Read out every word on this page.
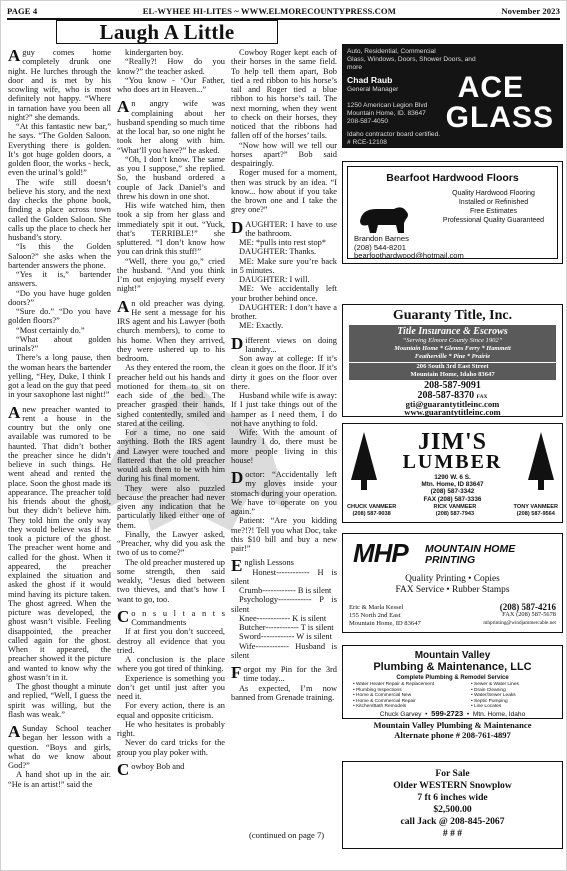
PAGE 4	EL-WYHEE HI-LITES ~ WWW.ELMORECOUNTYPRESS.COM	November 2023
Laugh A Little

A guy comes home completely drunk one night. He lurches through the door and is met by his scowling wife, who is most definitely not happy. “Where in tarnation have you been all night?” she demands.

“At this fantastic new bar,” he says. “The Golden Saloon. Everything there is golden. It’s got huge golden doors, a golden floor, the works - heck, even the urinal’s gold!”

The wife still doesn’t believe his story, and the next day checks the phone book, finding a place across town called the Golden Saloon. She calls up the place to check her husband’s story.

“Is this the Golden Saloon?” she asks when the bartender answers the phone.

“Yes it is,” bartender answers.

“Do you have huge golden doors?”

“Sure do.” “Do you have golden floors?”

“Most certainly do.”

“What about golden urinals?”

There’s a long pause, then the woman hears the bartender yelling, “Hey, Duke, I think I got a lead on the guy that peed in your saxophone last night!”

A new preacher wanted to rent a house in the country but the only one available was rumored to be haunted. That didn’t bother the preacher since he didn’t believe in such things. He went ahead and rented the place. Soon the ghost made its appearance. The preacher told his friends about the ghost, but they didn’t believe him. They told him the only way they would believe was if he took a picture of the ghost. The preacher went home and called for the ghost. When it appeared, the preacher explained the situation and asked the ghost if it would mind having its picture taken. The ghost agreed. When the picture was developed, the ghost wasn’t visible. Feeling disappointed, the preacher called again for the ghost. When it appeared, the preacher showed it the picture and wanted to know why the ghost wasn’t in it.

The ghost thought a minute and replied, “Well, I guess the spirit was willing, but the flash was weak.”

A Sunday School teacher began her lesson with a question. “Boys and girls, what do we know about God?”

A hand shot up in the air. “He is an artist!” said the

kindergarten boy.

“Really?! How do you know?” the teacher asked.

“You know - ‘Our Father, who does art in Heaven...”

An angry wife was complaining about her husband spending so much time at the local bar, so one night he took her along with him. “What’ll you have?” he asked.

“Oh, I don’t know. The same as you I suppose,” she replied. So, the husband ordered a couple of Jack Daniel’s and threw his down in one shot.

His wife watched him, then took a sip from her glass and immediately spit it out. “Yuck, that’s TERRIBLE!” she spluttered. “I don’t know how you can drink this stuff!”

“Well, there you go,” cried the husband. “And you think I’m out enjoying myself every night!”

An old preacher was dying. He sent a message for his IRS agent and his Lawyer (both church members), to come to his home. When they arrived, they were ushered up to his bedroom.

As they entered the room, the preacher held out his hands and motioned for them to sit on each side of the bed. The preacher grasped their hands, sighed contentedly, smiled and stared at the ceiling.

For a time, no one said anything. Both the IRS agent and Lawyer were touched and flattered that the old preacher would ask them to be with him during his final moment.

They were also puzzled because the preacher had never given any indication that he particularly liked either one of them.

Finally, the Lawyer asked, “Preacher, why did you ask the two of us to come?”

The old preacher mustered up some strength, then said weakly, “Jesus died between two thieves, and that’s how I want to go, too.

C o n s u l t a n t s Commandments

If at first you don’t succeed, destroy all evidence that you tried.

A conclusion is the place where you got tired of thinking.

Experience is something you don’t get until just after you need it.

For every action, there is an equal and opposite criticism.

He who hesitates is probably right.

Never do card tricks for the group you play poker with.

Cowboy Bob and

Cowboy Roger kept each of their horses in the same field. To help tell them apart, Bob tied a red ribbon to his horse’s tail and Roger tied a blue ribbon to his horse’s tail. The next morning, when they went to check on their horses, they noticed that the ribbons had fallen off of the horses’ tails.

“Now how will we tell our horses apart?” Bob said despairingly.

Roger mused for a moment, then was struck by an idea. “I know... how about if you take the brown one and I take the grey one?”

DAUGHTER: I have to use the bathroom.

ME: *pulls into rest stop*

DAUGHTER: Thanks.

ME: Make sure you’re back in 5 minutes.

DAUGHTER: I will.

ME: We accidentally left your brother behind once.

DAUGHTER: I don’t have a brother.

ME: Exactly.

Different views on doing laundry...

Son away at college: If it’s clean it goes on the floor. If it’s dirty it goes on the floor over there.

Husband while wife is away: If I just take things out of the hamper as I need them, I do not have anything to fold.

Wife: With the amount of laundry I do, there must be more people living in this house!

Doctor: “Accidentally left my gloves inside your stomach during your operation. We have to operate on you again.”

Patient: “Are you kidding me?!?! Tell you what Doc, take this $10 bill and buy a new pair!”

English Lessons

Honest------------ H is silent

Crumb------------ B is silent

Psychology------------ P is silent

Knee------------ K is silent

Butcher------------ T is silent

Sword------------ W is silent

Wife------------ Husband is silent

Forgot my Pin for the 3rd time today...

As expected, I’m now banned from Grenade training.

(continued on page 7)
Auto, Residential, Commercial
Glass, Windows, Doors, Shower Doors, and
more
Chad Raub
General Manager
1250 American Legion Blvd
Mountain Home, ID. 83647
208-587-4050
Idaho contractor board certified.
# RCE-12108
ACE
GLASS
Bearfoot Hardwood Floors
Quality Hardwood Flooring
Installed or Refinished
Free Estimates
Professional Quality Guaranteed
Brandon Barnes
(208) 544-8201
bearfoothardwood@hotmail.com
Guaranty Title, Inc.
Title Insurance & Escrows
“Serving Elmore County Since 1902”
Mountain Home * Glenns Ferry * Hammett
Featherville * Pine * Prairie
206 South 3rd East Street
Mountain Home, Idaho 83647
208-587-9091
208-587-8370 FAX
gti@guarantytitleinc.com
www.guarantytitleinc.com
JIM'S
LUMBER
1290 W. 6 S.
Mtn. Home, ID 83647
(208) 587-3342
FAX (208) 587-3336
CHUCK VANMEER
(208) 587-9038
RICK VANMEER
(208) 587-7943
TONY VANMEER
(208) 587-9564
MHP MOUNTAIN HOME
PRINTING
Quality Printing • Copies
FAX Service • Rubber Stamps
Eric & Marla Kessel
155 North 2nd East
Mountain Home, ID 83647
(208) 587-4216
FAX (208) 587-5678
mhprinting@windjammercable.net
Mountain Valley
Plumbing & Maintenance, LLC
Complete Plumbing & Remodel Service
• Water Heater Repair & Replacement
• Plumbing Inspections
• Home & Commercial New
• Home & Commercial Repair
• Kitchen/Bath Remodels
• Sewer & Water Lines
• Drain Cleaning
• Water/Sewer Leaks
• Septic Pumping
• Line Locates
Chuck Garvey  •  599-2723  •  Mtn. Home, Idaho
Mountain Valley Plumbing & Maintenance
Alternate phone # 208-761-4897
For Sale
Older WESTERN Snowplow
7 ft 6 inches wide
$2,500.00
call Jack @ 208-845-2067
# # #
